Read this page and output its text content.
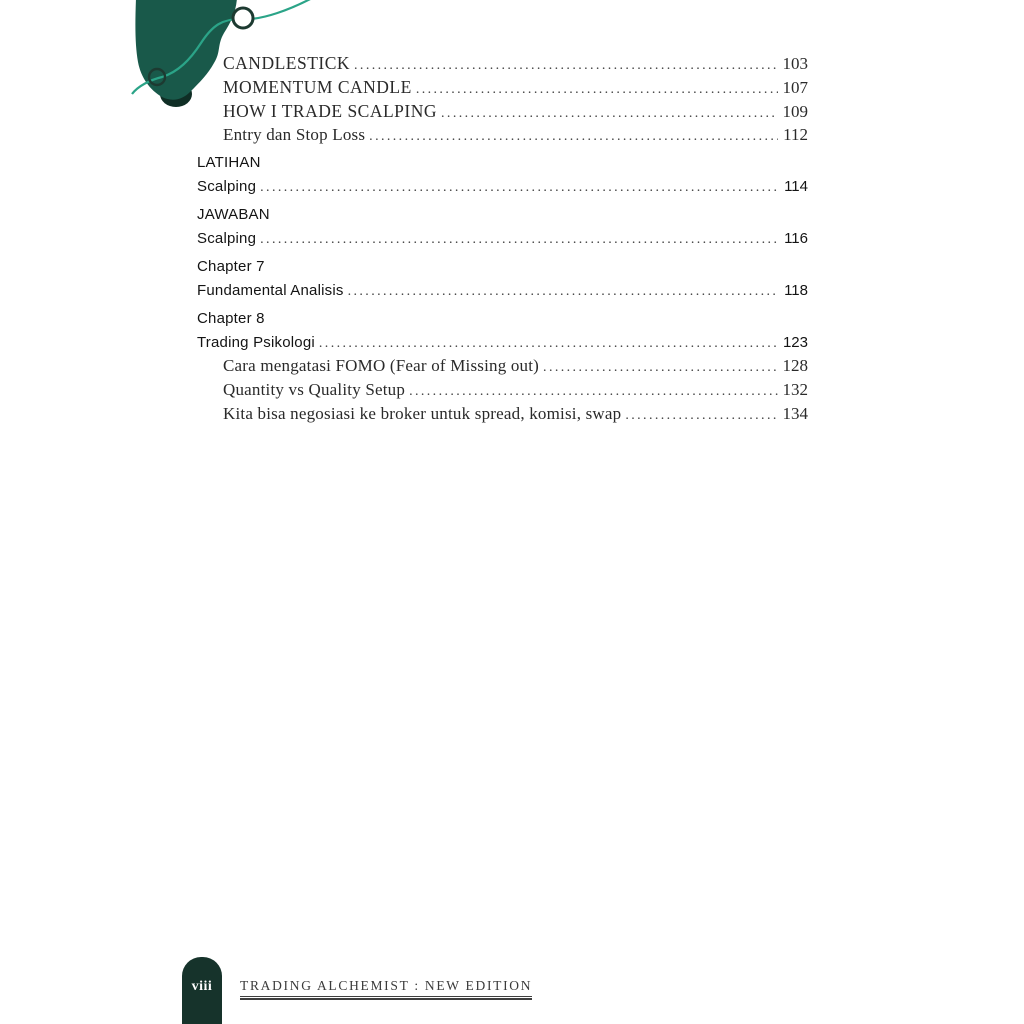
CANDLESTICK .....	103
MOMENTUM CANDLE .....	107
HOW I TRADE SCALPING .....	109
Entry dan Stop Loss .....	112
LATIHAN
Scalping .....	114
JAWABAN
Scalping .....	116
Chapter 7
Fundamental Analisis .....	118
Chapter 8
Trading Psikologi .....	123
Cara mengatasi FOMO (Fear of Missing out) .....	128
Quantity vs Quality Setup .....	132
Kita bisa negosiasi ke broker untuk spread, komisi, swap .....	134
viii TRADING ALCHEMIST : NEW EDITION
